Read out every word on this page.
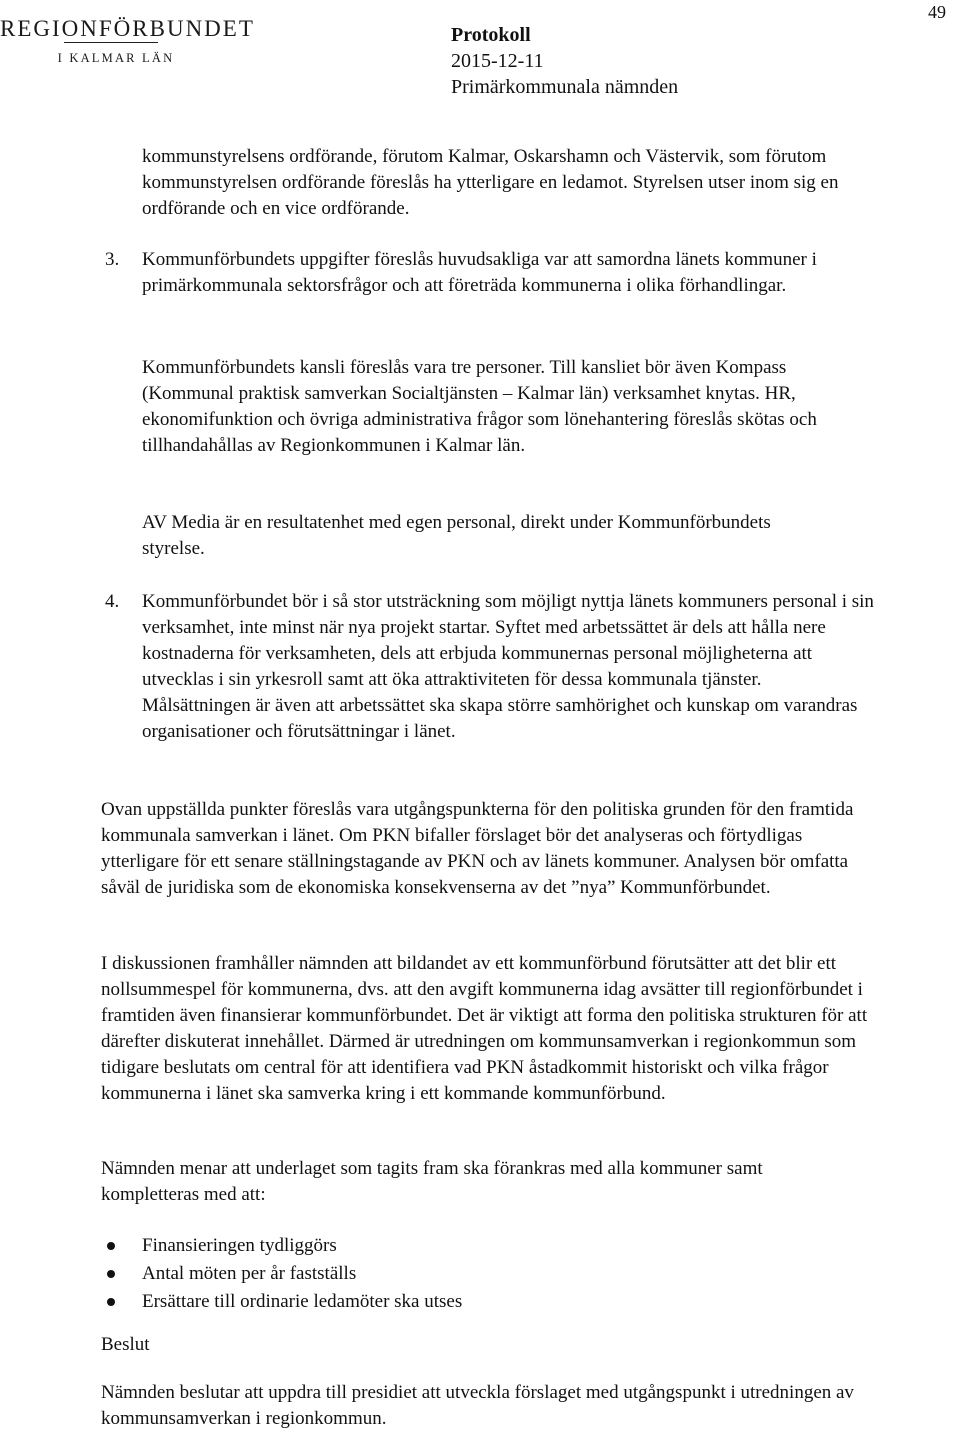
49
REGIONFÖRBUNDET
I KALMAR LÄN
Protokoll
2015-12-11
Primärkommunala nämnden

kommunstyrelsens ordförande, förutom Kalmar, Oskarshamn och Västervik, som förutom kommunstyrelsen ordförande föreslås ha ytterligare en ledamot. Styrelsen utser inom sig en ordförande och en vice ordförande.

3. Kommunförbundets uppgifter föreslås huvudsakliga var att samordna länets kommuner i primärkommunala sektorsfrågor och att företräda kommunerna i olika förhandlingar.

Kommunförbundets kansli föreslås vara tre personer. Till kansliet bör även Kompass (Kommunal praktisk samverkan Socialtjänsten – Kalmar län) verksamhet knytas. HR, ekonomifunktion och övriga administrativa frågor som lönehantering föreslås skötas och tillhandahållas av Regionkommunen i Kalmar län.

AV Media är en resultatenhet med egen personal, direkt under Kommunförbundets styrelse.

4. Kommunförbundet bör i så stor utsträckning som möjligt nyttja länets kommuners personal i sin verksamhet, inte minst när nya projekt startar. Syftet med arbetssättet är dels att hålla nere kostnaderna för verksamheten, dels att erbjuda kommunernas personal möjligheterna att utvecklas i sin yrkesroll samt att öka attraktiviteten för dessa kommunala tjänster. Målsättningen är även att arbetssättet ska skapa större samhörighet och kunskap om varandras organisationer och förutsättningar i länet.

Ovan uppställda punkter föreslås vara utgångspunkterna för den politiska grunden för den framtida kommunala samverkan i länet. Om PKN bifaller förslaget bör det analyseras och förtydligas ytterligare för ett senare ställningstagande av PKN och av länets kommuner. Analysen bör omfatta såväl de juridiska som de ekonomiska konsekvenserna av det ”nya” Kommunförbundet.

I diskussionen framhåller nämnden att bildandet av ett kommunförbund förutsätter att det blir ett nollsummespel för kommunerna, dvs. att den avgift kommunerna idag avsätter till regionförbundet i framtiden även finansierar kommunförbundet. Det är viktigt att forma den politiska strukturen för att därefter diskuterat innehållet. Därmed är utredningen om kommunsamverkan i regionkommun som tidigare beslutats om central för att identifiera vad PKN åstadkommit historiskt och vilka frågor kommunerna i länet ska samverka kring i ett kommande kommunförbund.

Nämnden menar att underlaget som tagits fram ska förankras med alla kommuner samt kompletteras med att:

Finansieringen tydliggörs
Antal möten per år fastställs
Ersättare till ordinarie ledamöter ska utses

Beslut

Nämnden beslutar att uppdra till presidiet att utveckla förslaget med utgångspunkt i utredningen av kommunsamverkan i regionkommun.
